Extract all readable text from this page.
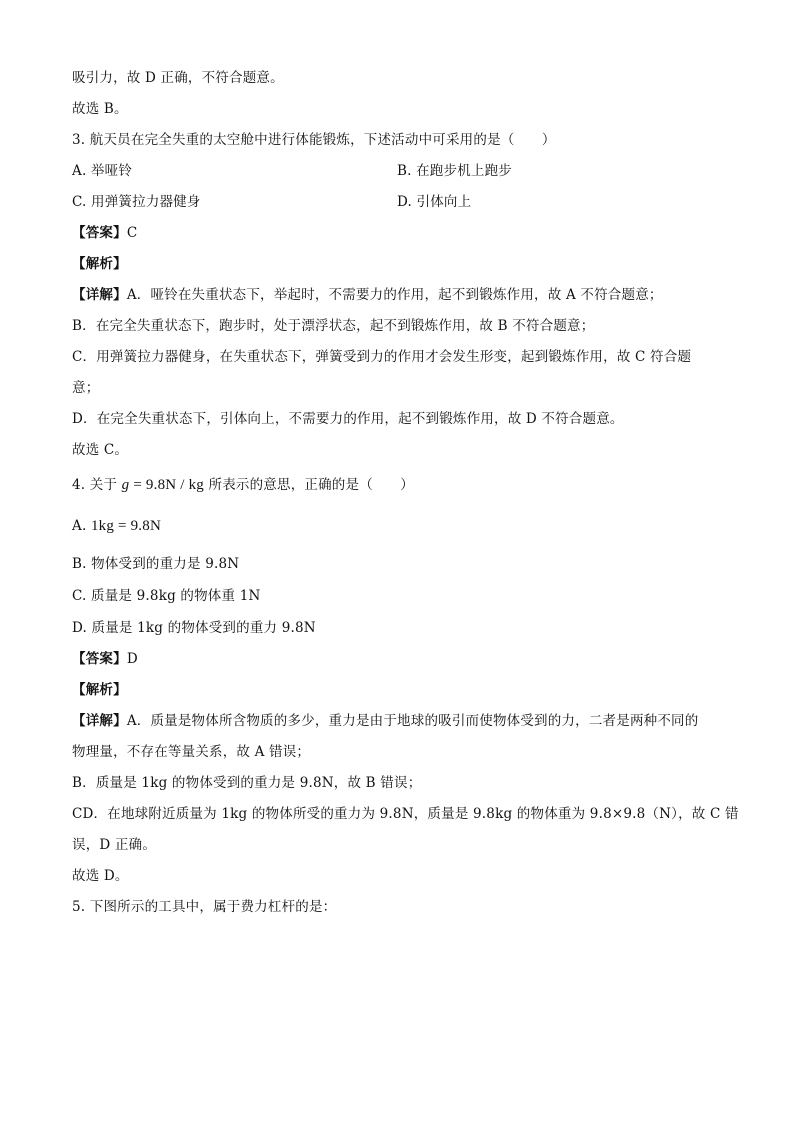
吸引力，故 D 正确，不符合题意。
故选 B。
3. 航天员在完全失重的太空舱中进行体能锻炼，下述活动中可采用的是（　　）
A. 举哑铃	B. 在跑步机上跑步
C. 用弹簧拉力器健身	D. 引体向上
【答案】C
【解析】
【详解】A．哑铃在失重状态下，举起时，不需要力的作用，起不到锻炼作用，故 A 不符合题意；
B．在完全失重状态下，跑步时，处于漂浮状态，起不到锻炼作用，故 B 不符合题意；
C．用弹簧拉力器健身，在失重状态下，弹簧受到力的作用才会发生形变，起到锻炼作用，故 C 符合题
意；
D．在完全失重状态下，引体向上，不需要力的作用，起不到锻炼作用，故 D 不符合题意。
故选 C。
4. 关于 g = 9.8N / kg 所表示的意思，正确的是（　　）
A. 1kg = 9.8N
B. 物体受到的重力是 9.8N
C. 质量是 9.8kg 的物体重 1N
D. 质量是 1kg 的物体受到的重力 9.8N
【答案】D
【解析】
【详解】A．质量是物体所含物质的多少，重力是由于地球的吸引而使物体受到的力，二者是两种不同的
物理量，不存在等量关系，故 A 错误；
B．质量是 1kg 的物体受到的重力是 9.8N，故 B 错误；
CD．在地球附近质量为 1kg 的物体所受的重力为 9.8N，质量是 9.8kg 的物体重为 9.8×9.8（N），故 C 错
误，D 正确。
故选 D。
5. 下图所示的工具中，属于费力杠杆的是：
